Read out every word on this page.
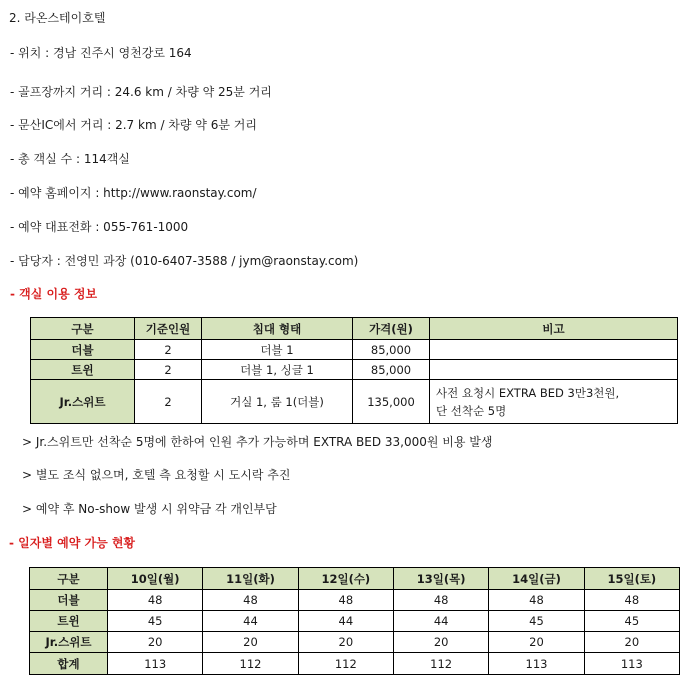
2. 라온스테이호텔
- 위치 : 경남 진주시 영천강로 164
- 골프장까지 거리 : 24.6 km / 차량 약 25분 거리
- 문산IC에서 거리 : 2.7 km / 차량 약 6분 거리
- 총 객실 수 : 114객실
- 예약 홈페이지 : http://www.raonstay.com/
- 예약 대표전화 : 055-761-1000
- 담당자 : 전영민 과장 (010-6407-3588 / jym@raonstay.com)
- 객실 이용 정보
구분	기준인원	침대 형태	가격(원)	비고
더블	2	더블 1	85,000	
트윈	2	더블 1, 싱글 1	85,000	
Jr.스위트	2	거실 1, 룸 1(더블)	135,000	사전 요청시 EXTRA BED 3만3천원,
단 선착순 5명
> Jr.스위트만 선착순 5명에 한하여 인원 추가 가능하며 EXTRA BED 33,000원 비용 발생
> 별도 조식 없으며, 호텔 측 요청할 시 도시락 추진
> 예약 후 No-show 발생 시 위약금 각 개인부담
- 일자별 예약 가능 현황
구분	10일(월)	11일(화)	12일(수)	13일(목)	14일(금)	15일(토)
더블	48	48	48	48	48	48
트윈	45	44	44	44	45	45
Jr.스위트	20	20	20	20	20	20
합계	113	112	112	112	113	113
